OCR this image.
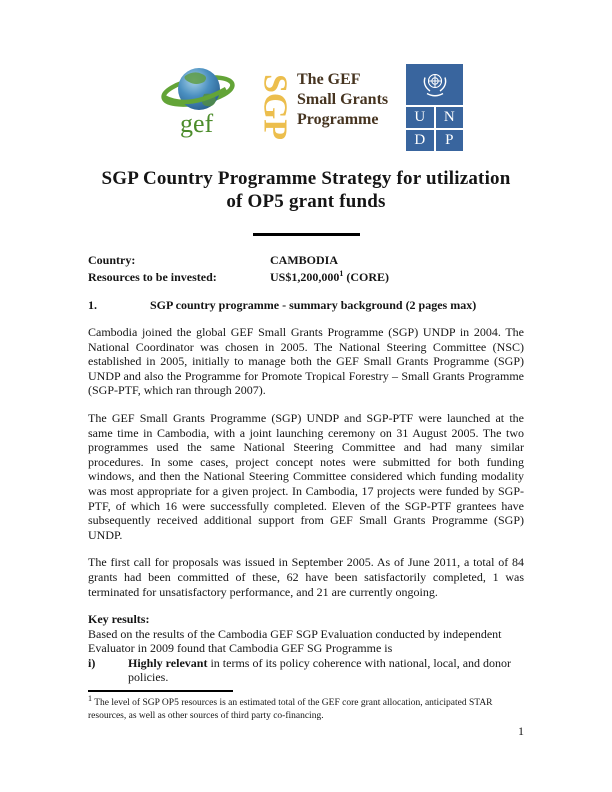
gef SGP The GEF
Small Grants
Programme	U	N
D	P
SGP Country Programme Strategy for utilization
of OP5 grant funds
Country:	CAMBODIA
Resources to be invested:	US$1,200,000$^1$ (CORE)
1.	SGP country programme - summary background (2 pages max)

Cambodia joined the global GEF Small Grants Programme (SGP) UNDP in 2004. The National Coordinator was chosen in 2005. The National Steering Committee (NSC) established in 2005, initially to manage both the GEF Small Grants Programme (SGP) UNDP and also the Programme for Promote Tropical Forestry – Small Grants Programme (SGP-PTF, which ran through 2007).

The GEF Small Grants Programme (SGP) UNDP and SGP-PTF were launched at the same time in Cambodia, with a joint launching ceremony on 31 August 2005. The two programmes used the same National Steering Committee and had many similar procedures. In some cases, project concept notes were submitted for both funding windows, and then the National Steering Committee considered which funding modality was most appropriate for a given project. In Cambodia, 17 projects were funded by SGP-PTF, of which 16 were successfully completed. Eleven of the SGP-PTF grantees have subsequently received additional support from GEF Small Grants Programme (SGP) UNDP.

The first call for proposals was issued in September 2005. As of June 2011, a total of 84 grants had been committed of these, 62 have been satisfactorily completed, 1 was terminated for unsatisfactory performance, and 21 are currently ongoing.

Key results:
Based on the results of the Cambodia GEF SGP Evaluation conducted by independent Evaluator in 2009 found that Cambodia GEF SG Programme is
i)	Highly relevant in terms of its policy coherence with national, local, and donor policies.
$^1$ The level of SGP OP5 resources is an estimated total of the GEF core grant allocation, anticipated STAR resources, as well as other sources of third party co-financing.
1
